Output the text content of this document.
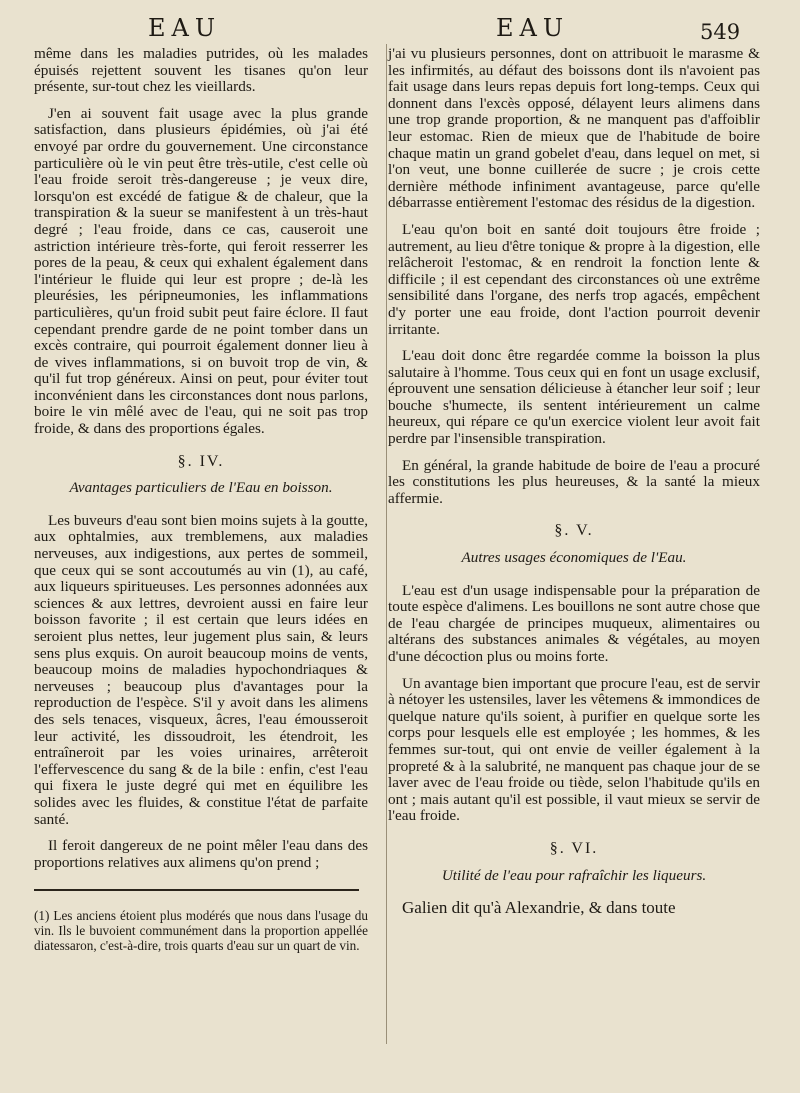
EAU	EAU	549

même dans les maladies putrides, où les malades épuisés rejettent souvent les tisanes qu'on leur présente, sur-tout chez les vieillards.

J'en ai souvent fait usage avec la plus grande satisfaction, dans plusieurs épidémies, où j'ai été envoyé par ordre du gouvernement. Une circonstance particulière où le vin peut être très-utile, c'est celle où l'eau froide seroit très-dangereuse ; je veux dire, lorsqu'on est excédé de fatigue & de chaleur, que la transpiration & la sueur se manifestent à un très-haut degré ; l'eau froide, dans ce cas, causeroit une astriction intérieure très-forte, qui feroit resserrer les pores de la peau, & ceux qui exhalent également dans l'intérieur le fluide qui leur est propre ; de-là les pleurésies, les péripneumonies, les inflammations particulières, qu'un froid subit peut faire éclore. Il faut cependant prendre garde de ne point tomber dans un excès contraire, qui pourroit également donner lieu à de vives inflammations, si on buvoit trop de vin, & qu'il fut trop généreux. Ainsi on peut, pour éviter tout inconvénient dans les circonstances dont nous parlons, boire le vin mêlé avec de l'eau, qui ne soit pas trop froide, & dans des proportions égales.

§. IV.
Avantages particuliers de l'Eau en boisson.

Les buveurs d'eau sont bien moins sujets à la goutte, aux ophtalmies, aux tremblemens, aux maladies nerveuses, aux indigestions, aux pertes de sommeil, que ceux qui se sont accoutumés au vin (1), au café, aux liqueurs spiritueuses. Les personnes adonnées aux sciences & aux lettres, devroient aussi en faire leur boisson favorite ; il est certain que leurs idées en seroient plus nettes, leur jugement plus sain, & leurs sens plus exquis. On auroit beaucoup moins de vents, beaucoup moins de maladies hypochondriaques & nerveuses ; beaucoup plus d'avantages pour la reproduction de l'espèce. S'il y avoit dans les alimens des sels tenaces, visqueux, âcres, l'eau émousseroit leur activité, les dissoudroit, les étendroit, les entraîneroit par les voies urinaires, arrêteroit l'effervescence du sang & de la bile : enfin, c'est l'eau qui fixera le juste degré qui met en équilibre les solides avec les fluides, & constitue l'état de parfaite santé.

Il feroit dangereux de ne point mêler l'eau dans des proportions relatives aux alimens qu'on prend ;

(1) Les anciens étoient plus modérés que nous dans l'usage du vin. Ils le buvoient communément dans la proportion appellée diatessaron, c'est-à-dire, trois quarts d'eau sur un quart de vin.

j'ai vu plusieurs personnes, dont on attribuoit le marasme & les infirmités, au défaut des boissons dont ils n'avoient pas fait usage dans leurs repas depuis fort long-temps. Ceux qui donnent dans l'excès opposé, délayent leurs alimens dans une trop grande proportion, & ne manquent pas d'affoiblir leur estomac. Rien de mieux que de l'habitude de boire chaque matin un grand gobelet d'eau, dans lequel on met, si l'on veut, une bonne cuillerée de sucre ; je crois cette dernière méthode infiniment avantageuse, parce qu'elle débarrasse entièrement l'estomac des résidus de la digestion.

L'eau qu'on boit en santé doit toujours être froide ; autrement, au lieu d'être tonique & propre à la digestion, elle relâcheroit l'estomac, & en rendroit la fonction lente & difficile ; il est cependant des circonstances où une extrême sensibilité dans l'organe, des nerfs trop agacés, empêchent d'y porter une eau froide, dont l'action pourroit devenir irritante.

L'eau doit donc être regardée comme la boisson la plus salutaire à l'homme. Tous ceux qui en font un usage exclusif, éprouvent une sensation délicieuse à étancher leur soif ; leur bouche s'humecte, ils sentent intérieurement un calme heureux, qui répare ce qu'un exercice violent leur avoit fait perdre par l'insensible transpiration.

En général, la grande habitude de boire de l'eau a procuré les constitutions les plus heureuses, & la santé la mieux affermie.

§. V.
Autres usages économiques de l'Eau.

L'eau est d'un usage indispensable pour la préparation de toute espèce d'alimens. Les bouillons ne sont autre chose que de l'eau chargée de principes muqueux, alimentaires ou altérans des substances animales & végétales, au moyen d'une décoction plus ou moins forte.

Un avantage bien important que procure l'eau, est de servir à nétoyer les ustensiles, laver les vêtemens & immondices de quelque nature qu'ils soient, à purifier en quelque sorte les corps pour lesquels elle est employée ; les hommes, & les femmes sur-tout, qui ont envie de veiller également à la propreté & à la salubrité, ne manquent pas chaque jour de se laver avec de l'eau froide ou tiède, selon l'habitude qu'ils en ont ; mais autant qu'il est possible, il vaut mieux se servir de l'eau froide.

§. VI.
Utilité de l'eau pour rafraîchir les liqueurs.

Galien dit qu'à Alexandrie, & dans toute
